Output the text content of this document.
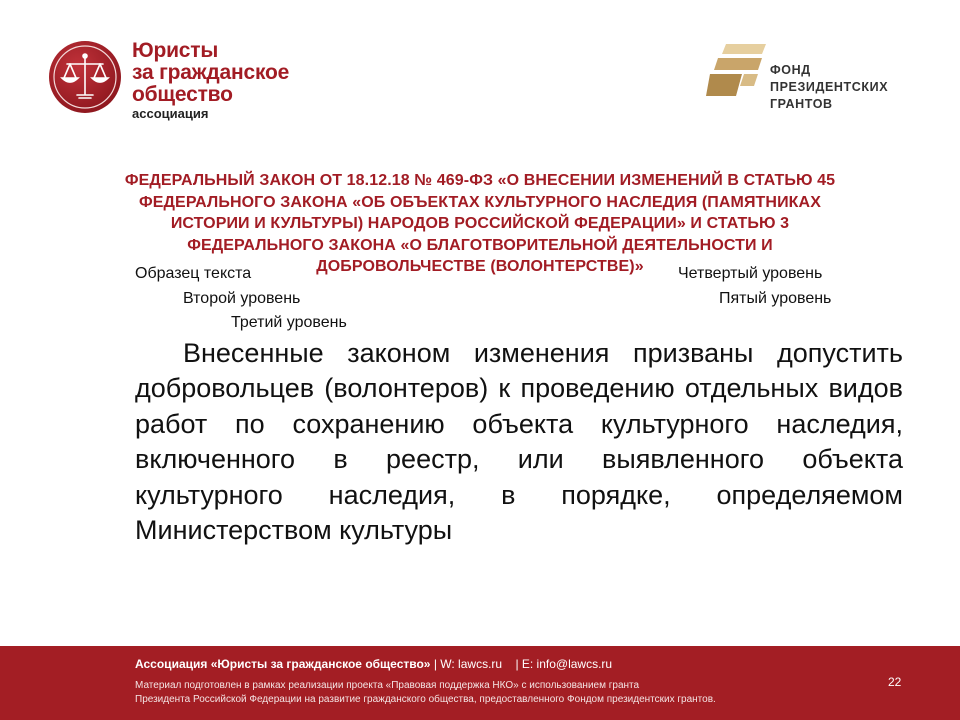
Юристы
за гражданское
общество
ассоциация
ФОНД
ПРЕЗИДЕНТСКИХ
ГРАНТОВ
ФЕДЕРАЛЬНЫЙ ЗАКОН ОТ 18.12.18 № 469-ФЗ «О ВНЕСЕНИИ ИЗМЕНЕНИЙ В СТАТЬЮ 45 ФЕДЕРАЛЬНОГО ЗАКОНА «ОБ ОБЪЕКТАХ КУЛЬТУРНОГО НАСЛЕДИЯ (ПАМЯТНИКАХ ИСТОРИИ И КУЛЬТУРЫ) НАРОДОВ РОССИЙСКОЙ ФЕДЕРАЦИИ» И СТАТЬЮ 3 ФЕДЕРАЛЬНОГО ЗАКОНА «О БЛАГОТВОРИТЕЛЬНОЙ ДЕЯТЕЛЬНОСТИ И ДОБРОВОЛЬЧЕСТВЕ (ВОЛОНТЕРСТВЕ)»
Образец текста
Второй уровень
Третий уровень
Четвертый уровень
Пятый уровень
Внесенные законом изменения призваны допустить добровольцев (волонтеров) к проведению отдельных видов работ по сохранению объекта культурного наследия, включенного в реестр, или выявленного объекта культурного наследия, в порядке, определяемом Министерством культуры
Ассоциация «Юристы за гражданское общество» | W: lawcs.ru | E: info@lawcs.ru
Материал подготовлен в рамках реализации проекта «Правовая поддержка НКО» с использованием гранта
Президента Российской Федерации на развитие гражданского общества, предоставленного Фондом президентских грантов.
22
